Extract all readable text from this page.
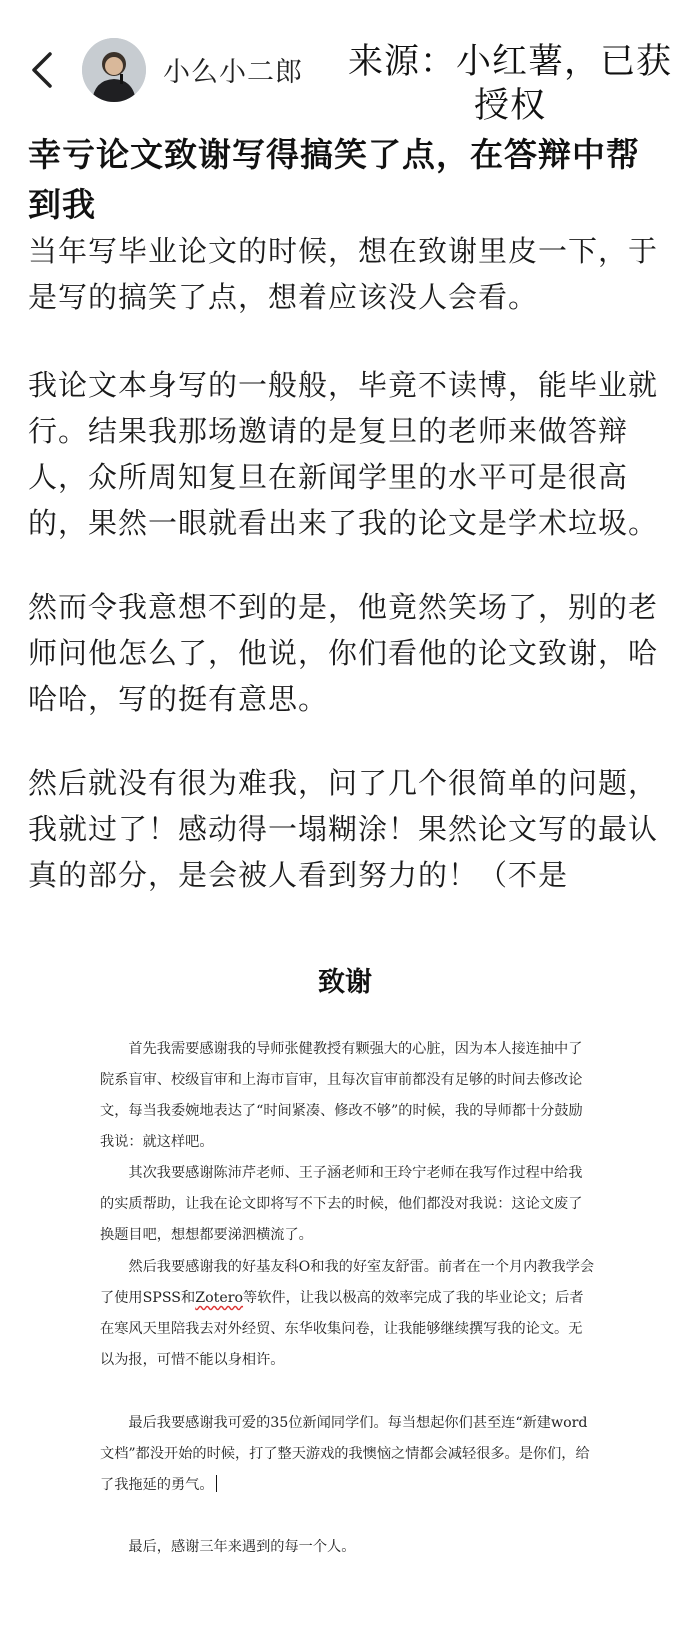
小么小二郎	来源：小红薯，已获授权
幸亏论文致谢写得搞笑了点，在答辩中帮到我
当年写毕业论文的时候，想在致谢里皮一下，于是写的搞笑了点，想着应该没人会看。
我论文本身写的一般般，毕竟不读博，能毕业就行。结果我那场邀请的是复旦的老师来做答辩人，众所周知复旦在新闻学里的水平可是很高的，果然一眼就看出来了我的论文是学术垃圾。
然而令我意想不到的是，他竟然笑场了，别的老师问他怎么了，他说，你们看他的论文致谢，哈哈哈，写的挺有意思。
然后就没有很为难我，问了几个很简单的问题，我就过了！感动得一塌糊涂！果然论文写的最认真的部分，是会被人看到努力的！（不是
致谢
首先我需要感谢我的导师张健教授有颗强大的心脏，因为本人接连抽中了院系盲审、校级盲审和上海市盲审，且每次盲审前都没有足够的时间去修改论文，每当我委婉地表达了“时间紧凑、修改不够”的时候，我的导师都十分鼓励我说：就这样吧。
其次我要感谢陈沛芹老师、王子涵老师和王玲宁老师在我写作过程中给我的实质帮助，让我在论文即将写不下去的时候，他们都没对我说：这论文废了换题目吧，想想都要涕泗横流了。
然后我要感谢我的好基友科O和我的好室友舒雷。前者在一个月内教我学会了使用SPSS和Zotero等软件，让我以极高的效率完成了我的毕业论文；后者在寒风天里陪我去对外经贸、东华收集问卷，让我能够继续撰写我的论文。无以为报，可惜不能以身相许。
最后我要感谢我可爱的35位新闻同学们。每当想起你们甚至连“新建word文档”都没开始的时候，打了整天游戏的我懊恼之情都会减轻很多。是你们，给了我拖延的勇气。
最后，感谢三年来遇到的每一个人。
